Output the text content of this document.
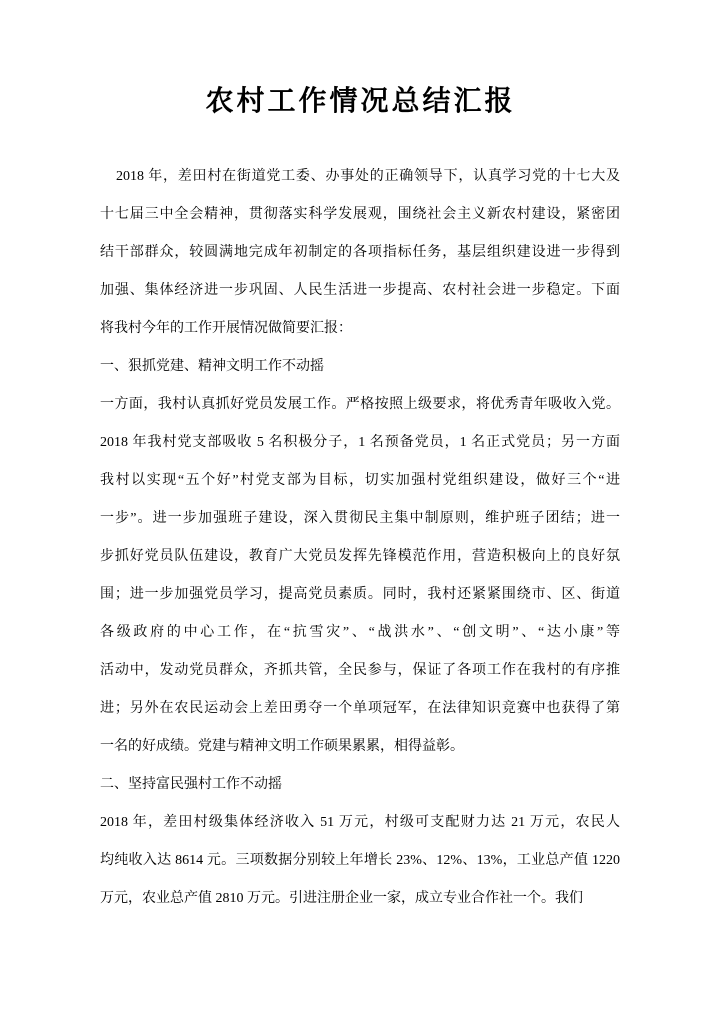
农村工作情况总结汇报
2018 年，差田村在街道党工委、办事处的正确领导下，认真学习党的十七大及
十七届三中全会精神，贯彻落实科学发展观，围绕社会主义新农村建设，紧密团
结干部群众，较圆满地完成年初制定的各项指标任务，基层组织建设进一步得到
加强、集体经济进一步巩固、人民生活进一步提高、农村社会进一步稳定。下面
将我村今年的工作开展情况做简要汇报：
一、狠抓党建、精神文明工作不动摇
一方面，我村认真抓好党员发展工作。严格按照上级要求，将优秀青年吸收入党。
2018 年我村党支部吸收 5 名积极分子，1 名预备党员，1 名正式党员；另一方面
我村以实现“五个好”村党支部为目标，切实加强村党组织建设，做好三个“进
一步”。进一步加强班子建设，深入贯彻民主集中制原则，维护班子团结；进一
步抓好党员队伍建设，教育广大党员发挥先锋模范作用，营造积极向上的良好氛
围；进一步加强党员学习，提高党员素质。同时，我村还紧紧围绕市、区、街道
各级政府的中心工作，在“抗雪灾”、“战洪水”、“创文明”、“达小康”等
活动中，发动党员群众，齐抓共管，全民参与，保证了各项工作在我村的有序推
进；另外在农民运动会上差田勇夺一个单项冠军，在法律知识竞赛中也获得了第
一名的好成绩。党建与精神文明工作硕果累累，相得益彰。
二、坚持富民强村工作不动摇
2018 年，差田村级集体经济收入 51 万元，村级可支配财力达 21 万元，农民人
均纯收入达 8614 元。三项数据分别较上年增长 23%、12%、13%，工业总产值 1220
万元，农业总产值 2810 万元。引进注册企业一家，成立专业合作社一个。我们
